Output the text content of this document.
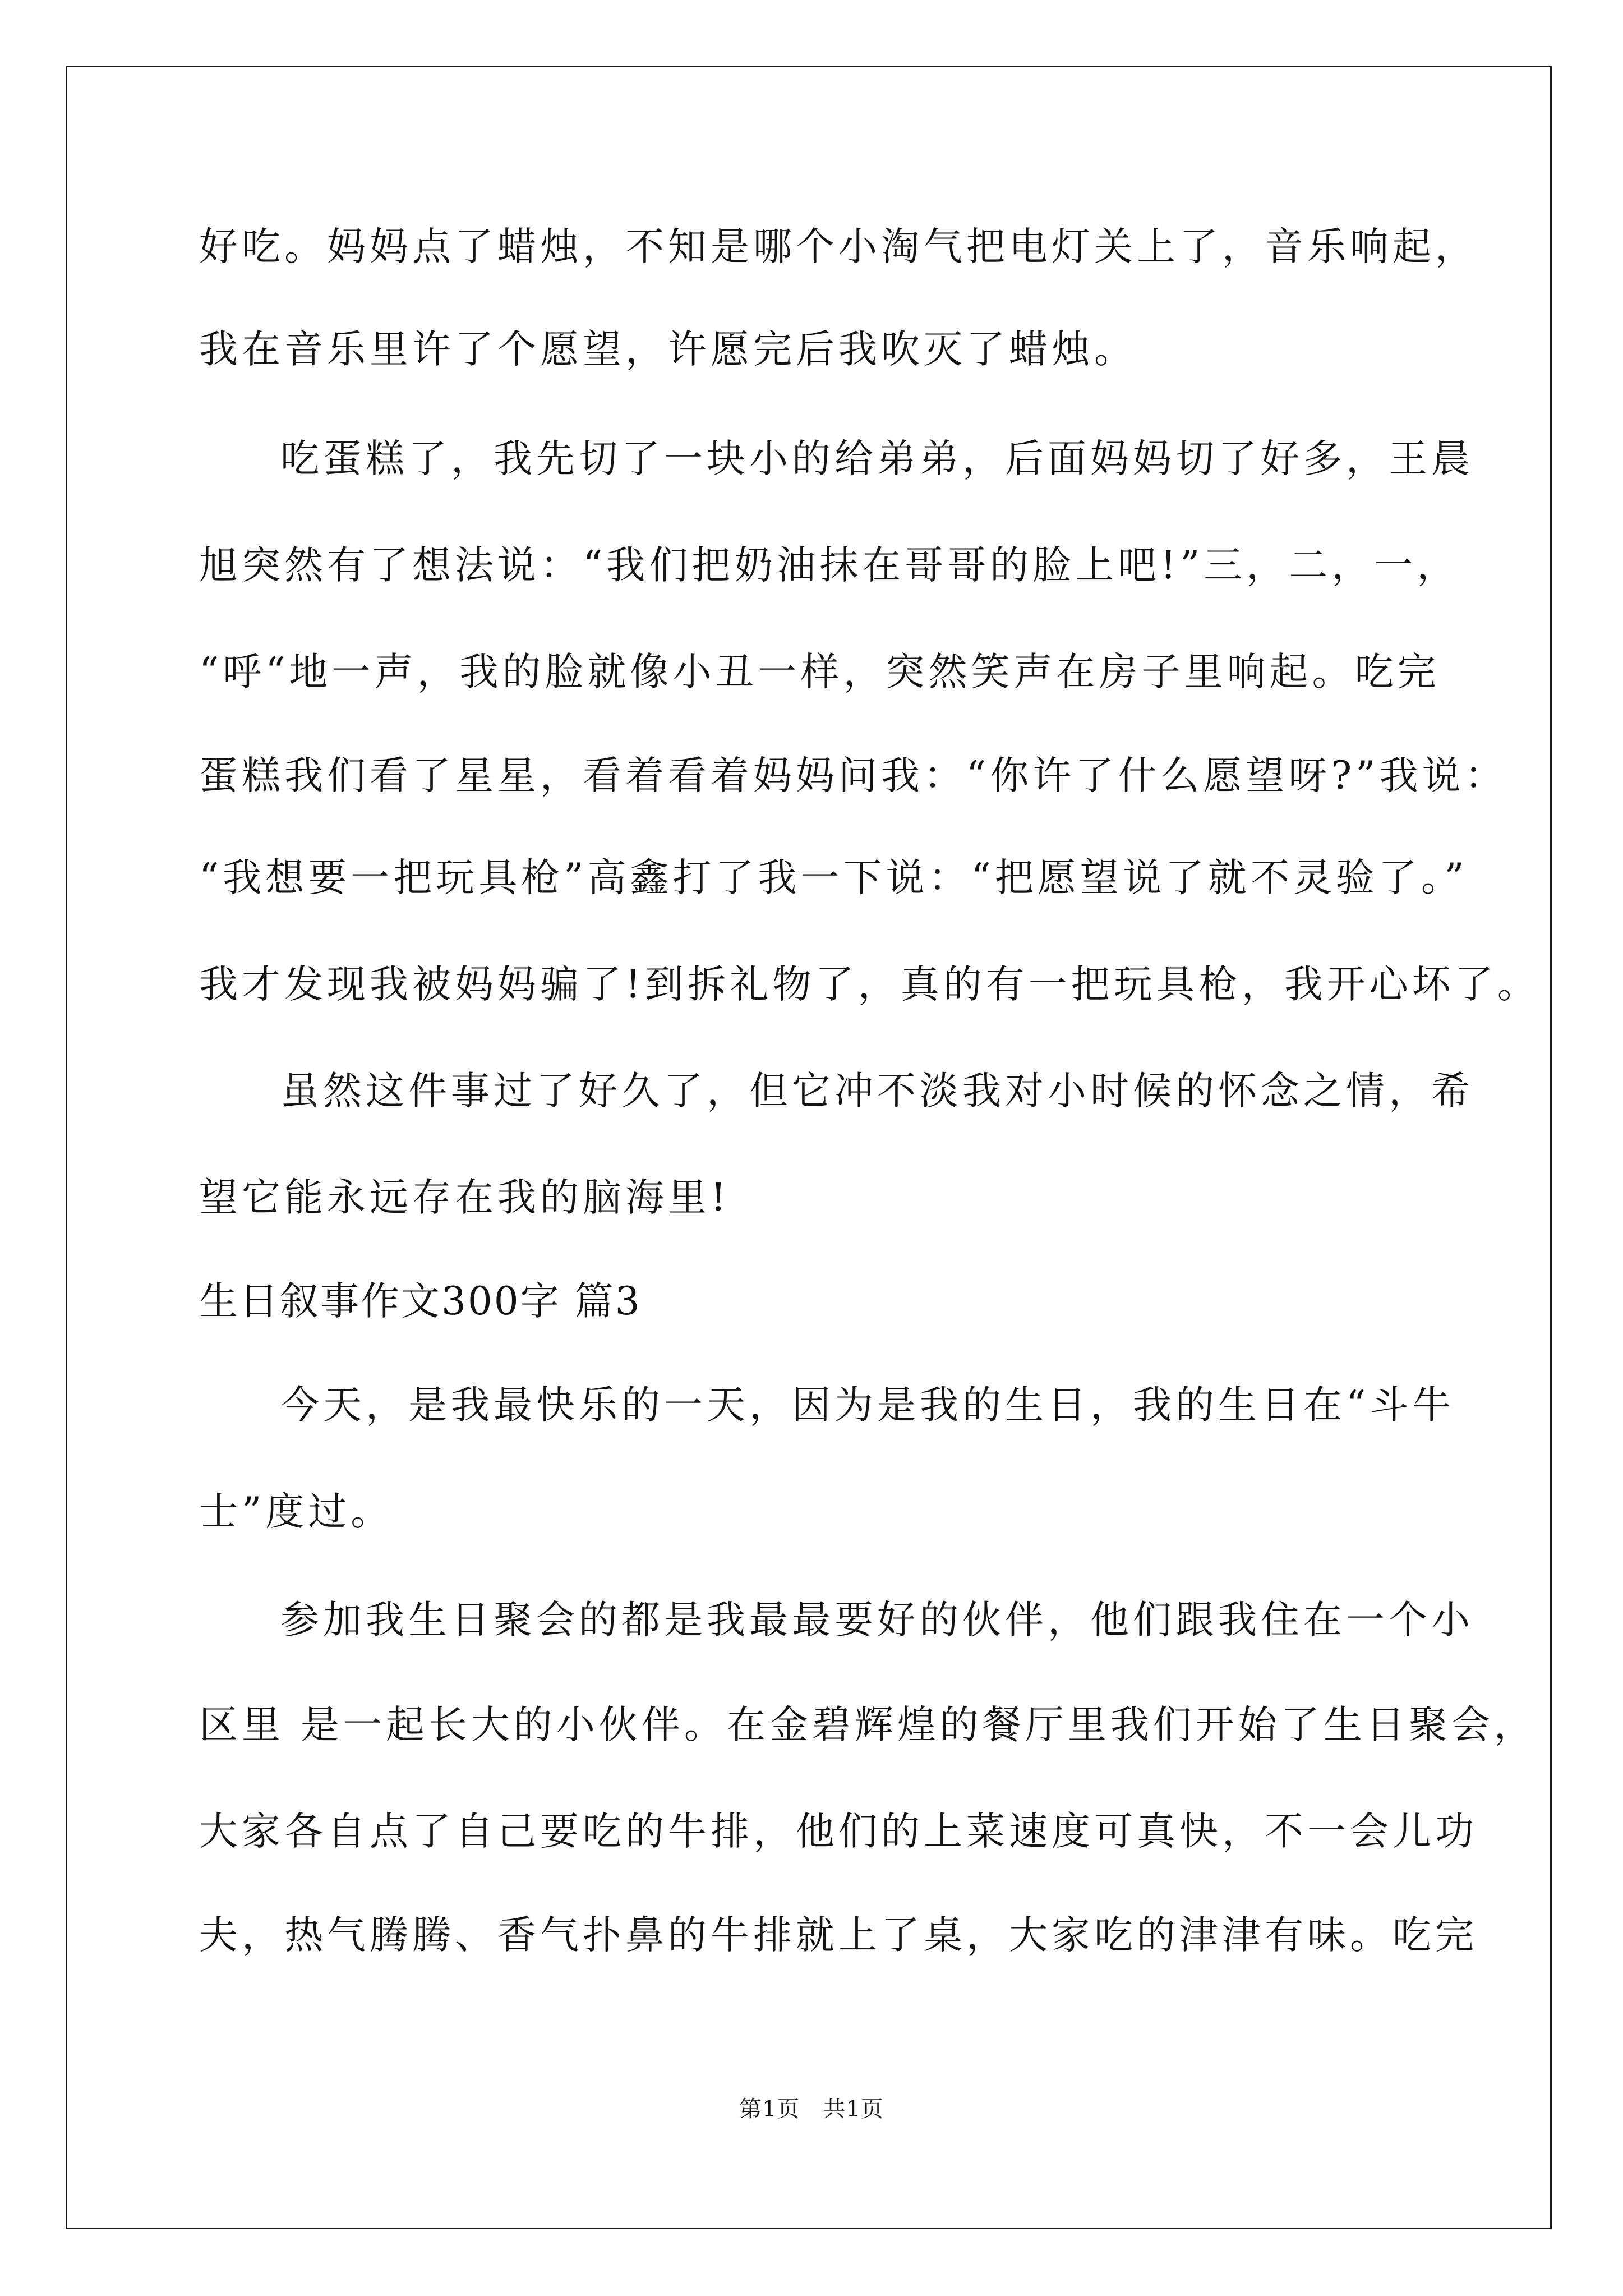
好吃。妈妈点了蜡烛，不知是哪个小淘气把电灯关上了，音乐响起，
我在音乐里许了个愿望，许愿完后我吹灭了蜡烛。
吃蛋糕了，我先切了一块小的给弟弟，后面妈妈切了好多，王晨
旭突然有了想法说：“我们把奶油抹在哥哥的脸上吧!”三，二，一，
“呼“地一声，我的脸就像小丑一样，突然笑声在房子里响起。吃完
蛋糕我们看了星星，看着看着妈妈问我：“你许了什么愿望呀?”我说：
“我想要一把玩具枪”高鑫打了我一下说：“把愿望说了就不灵验了。”
我才发现我被妈妈骗了!到拆礼物了，真的有一把玩具枪，我开心坏了。
虽然这件事过了好久了，但它冲不淡我对小时候的怀念之情，希
望它能永远存在我的脑海里!
生日叙事作文300字 篇3
今天，是我最快乐的一天，因为是我的生日，我的生日在“斗牛
士”度过。
参加我生日聚会的都是我最最要好的伙伴，他们跟我住在一个小
区里 是一起长大的小伙伴。在金碧辉煌的餐厅里我们开始了生日聚会，
大家各自点了自己要吃的牛排，他们的上菜速度可真快，不一会儿功
夫，热气腾腾、香气扑鼻的牛排就上了桌，大家吃的津津有味。吃完
第1页　共1页
